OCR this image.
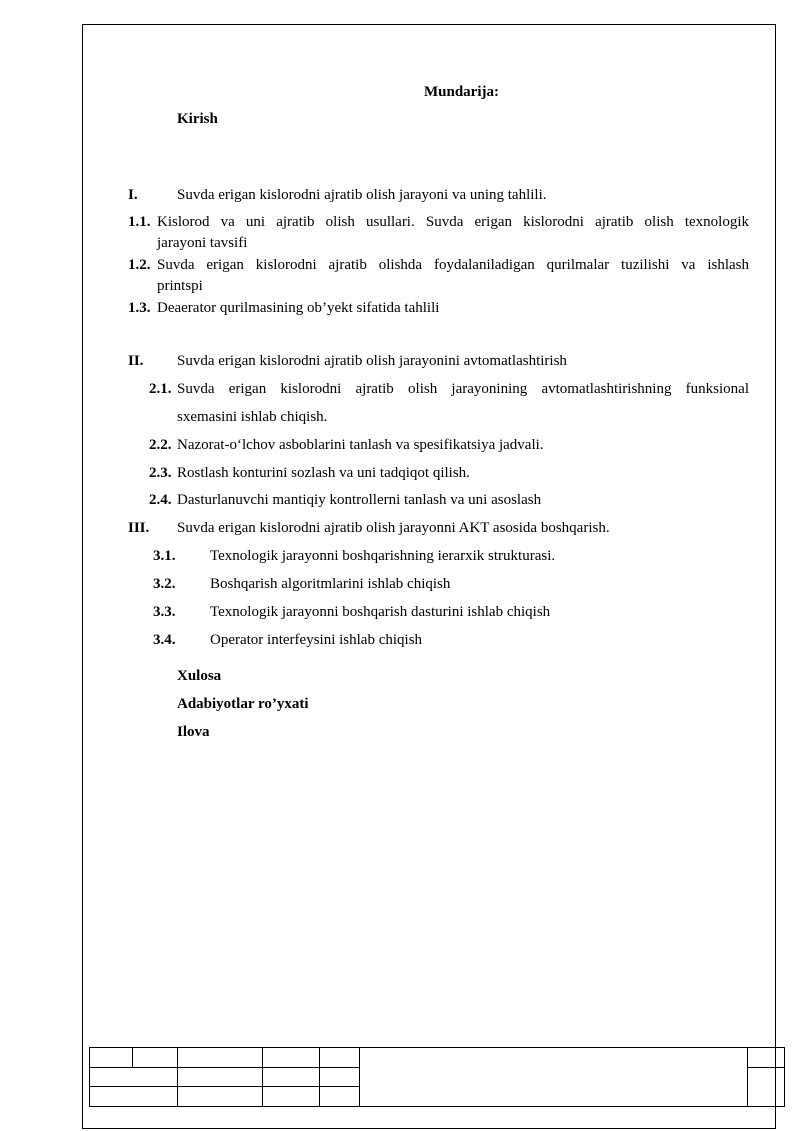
Mundarija:
Kirish
I.	Suvda erigan kislorodni ajratib olish jarayoni va uning tahlili.
1.1. Kislorod va uni ajratib olish usullari. Suvda erigan kislorodni ajratib olish texnologik
jarayoni tavsifi
1.2. Suvda erigan kislorodni ajratib olishda foydalaniladigan qurilmalar tuzilishi va ishlash
printspi
1.3. Deaerator qurilmasining ob’yekt sifatida tahlili
II. Suvda erigan kislorodni ajratib olish jarayonini avtomatlashtirish
2.1. Suvda erigan kislorodni ajratib olish jarayonining avtomatlashtirishning funksional
sxemasini ishlab chiqish.
2.2. Nazorat-o‘lchov asboblarini tanlash va spesifikatsiya jadvali.
2.3. Rostlash konturini sozlash va uni tadqiqot qilish.
2.4. Dasturlanuvchi mantiqiy kontrollerni tanlash va uni asoslash
III. Suvda erigan kislorodni ajratib olish jarayonni AKT asosida boshqarish.
3.1. Texnologik jarayonni boshqarishning ierarxik strukturasi.
3.2. Boshqarish algoritmlarini ishlab chiqish
3.3. Texnologik jarayonni boshqarish dasturini ishlab chiqish
3.4. Operator interfeysini ishlab chiqish
Xulosa
Adabiyotlar ro’yxati
Ilova
